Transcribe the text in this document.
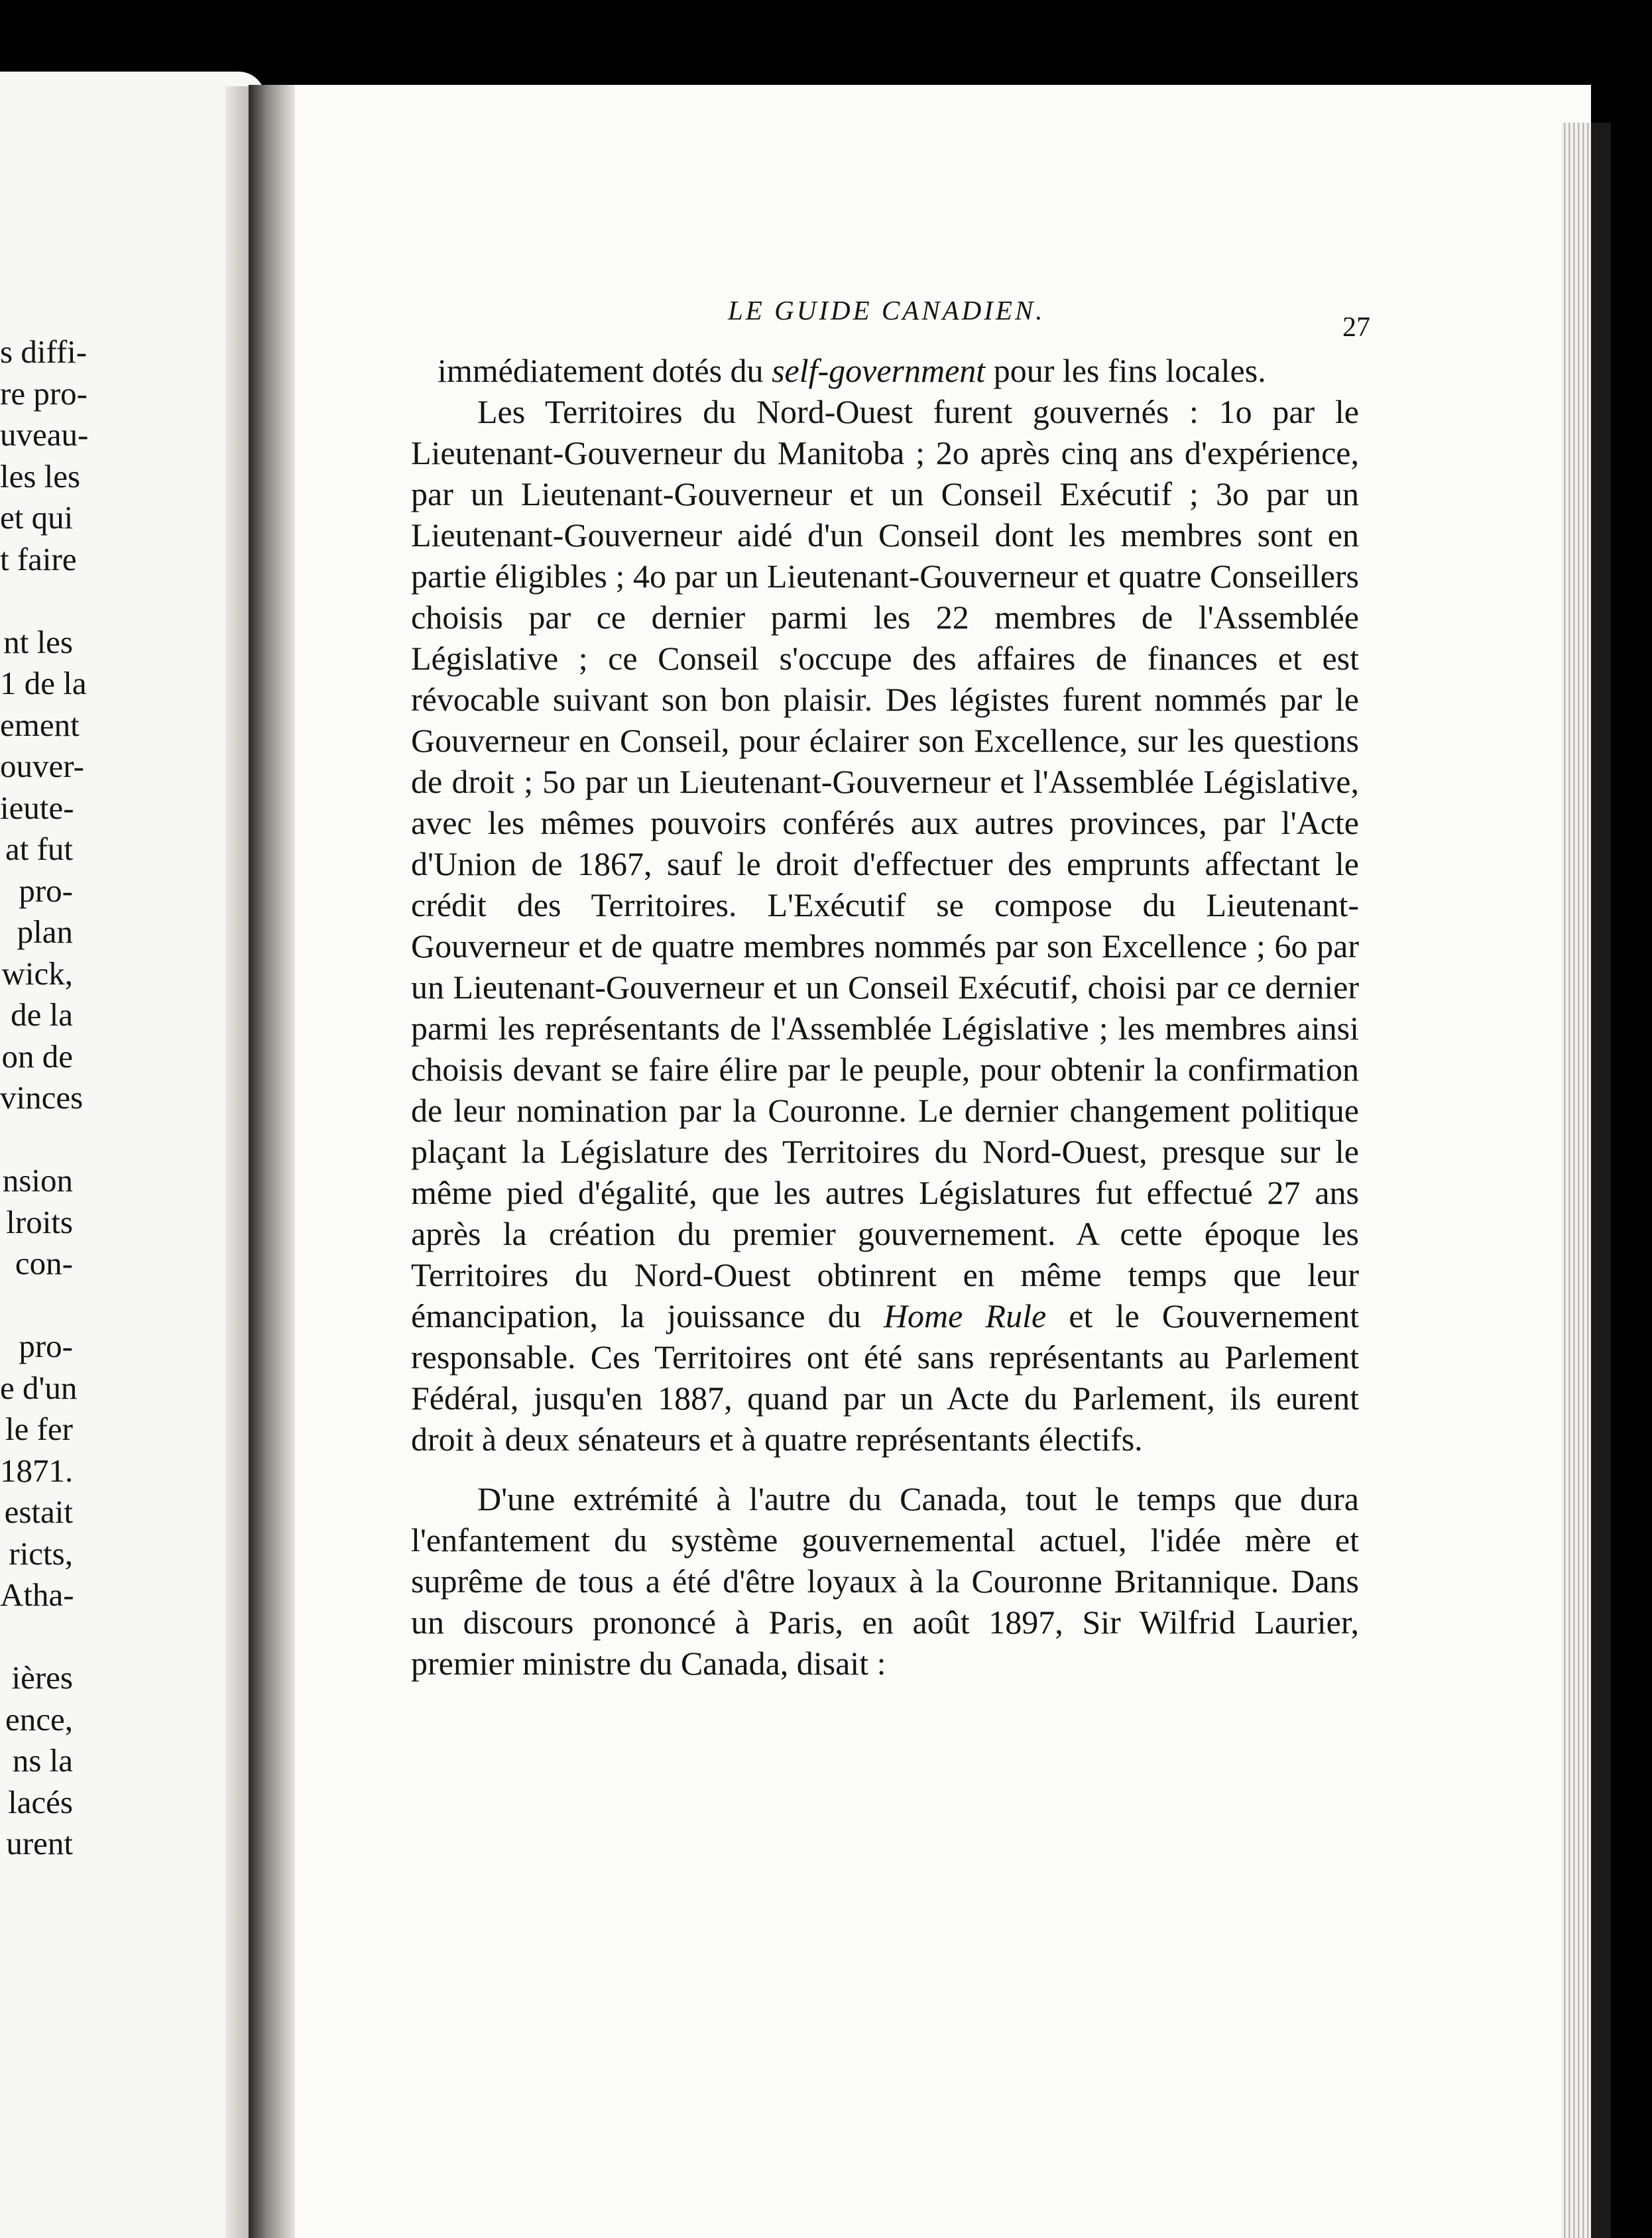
s diffi-
re pro-
uveau-
les les
et qui
t faire
nt les
1 de la
ement
ouver-
ieute-
at fut
pro-
plan
wick,
de la
on de
vinces
nsion
lroits
con-
pro-
e d'un
le fer
1871.
estait
ricts,
Atha-
ières
ence,
ns la
lacés
urent
LE GUIDE CANADIEN.
27

immédiatement dotés du self-government pour les fins locales.

Les Territoires du Nord-Ouest furent gouvernés : 1o par le Lieutenant-Gouverneur du Manitoba ; 2o après cinq ans d'expérience, par un Lieutenant-Gouverneur et un Conseil Exécutif ; 3o par un Lieutenant-Gouverneur aidé d'un Conseil dont les membres sont en partie éligibles ; 4o par un Lieutenant-Gouverneur et quatre Conseillers choisis par ce dernier parmi les 22 membres de l'Assemblée Législative ; ce Conseil s'occupe des affaires de finances et est révocable suivant son bon plaisir. Des légistes furent nommés par le Gouverneur en Conseil, pour éclairer son Excellence, sur les questions de droit ; 5o par un Lieutenant-Gouverneur et l'Assemblée Législative, avec les mêmes pouvoirs conférés aux autres provinces, par l'Acte d'Union de 1867, sauf le droit d'effectuer des emprunts affectant le crédit des Territoires. L'Exécutif se compose du Lieutenant-Gouverneur et de quatre membres nommés par son Excellence ; 6o par un Lieutenant-Gouverneur et un Conseil Exécutif, choisi par ce dernier parmi les représentants de l'Assemblée Législative ; les membres ainsi choisis devant se faire élire par le peuple, pour obtenir la confirmation de leur nomination par la Couronne. Le dernier changement politique plaçant la Législature des Territoires du Nord-Ouest, presque sur le même pied d'égalité, que les autres Législatures fut effectué 27 ans après la création du premier gouvernement. A cette époque les Territoires du Nord-Ouest obtinrent en même temps que leur émancipation, la jouissance du Home Rule et le Gouvernement responsable. Ces Territoires ont été sans représentants au Parlement Fédéral, jusqu'en 1887, quand par un Acte du Parlement, ils eurent droit à deux sénateurs et à quatre représentants électifs.

D'une extrémité à l'autre du Canada, tout le temps que dura l'enfantement du système gouvernemental actuel, l'idée mère et suprême de tous a été d'être loyaux à la Couronne Britannique. Dans un discours prononcé à Paris, en août 1897, Sir Wilfrid Laurier, premier ministre du Canada, disait :
